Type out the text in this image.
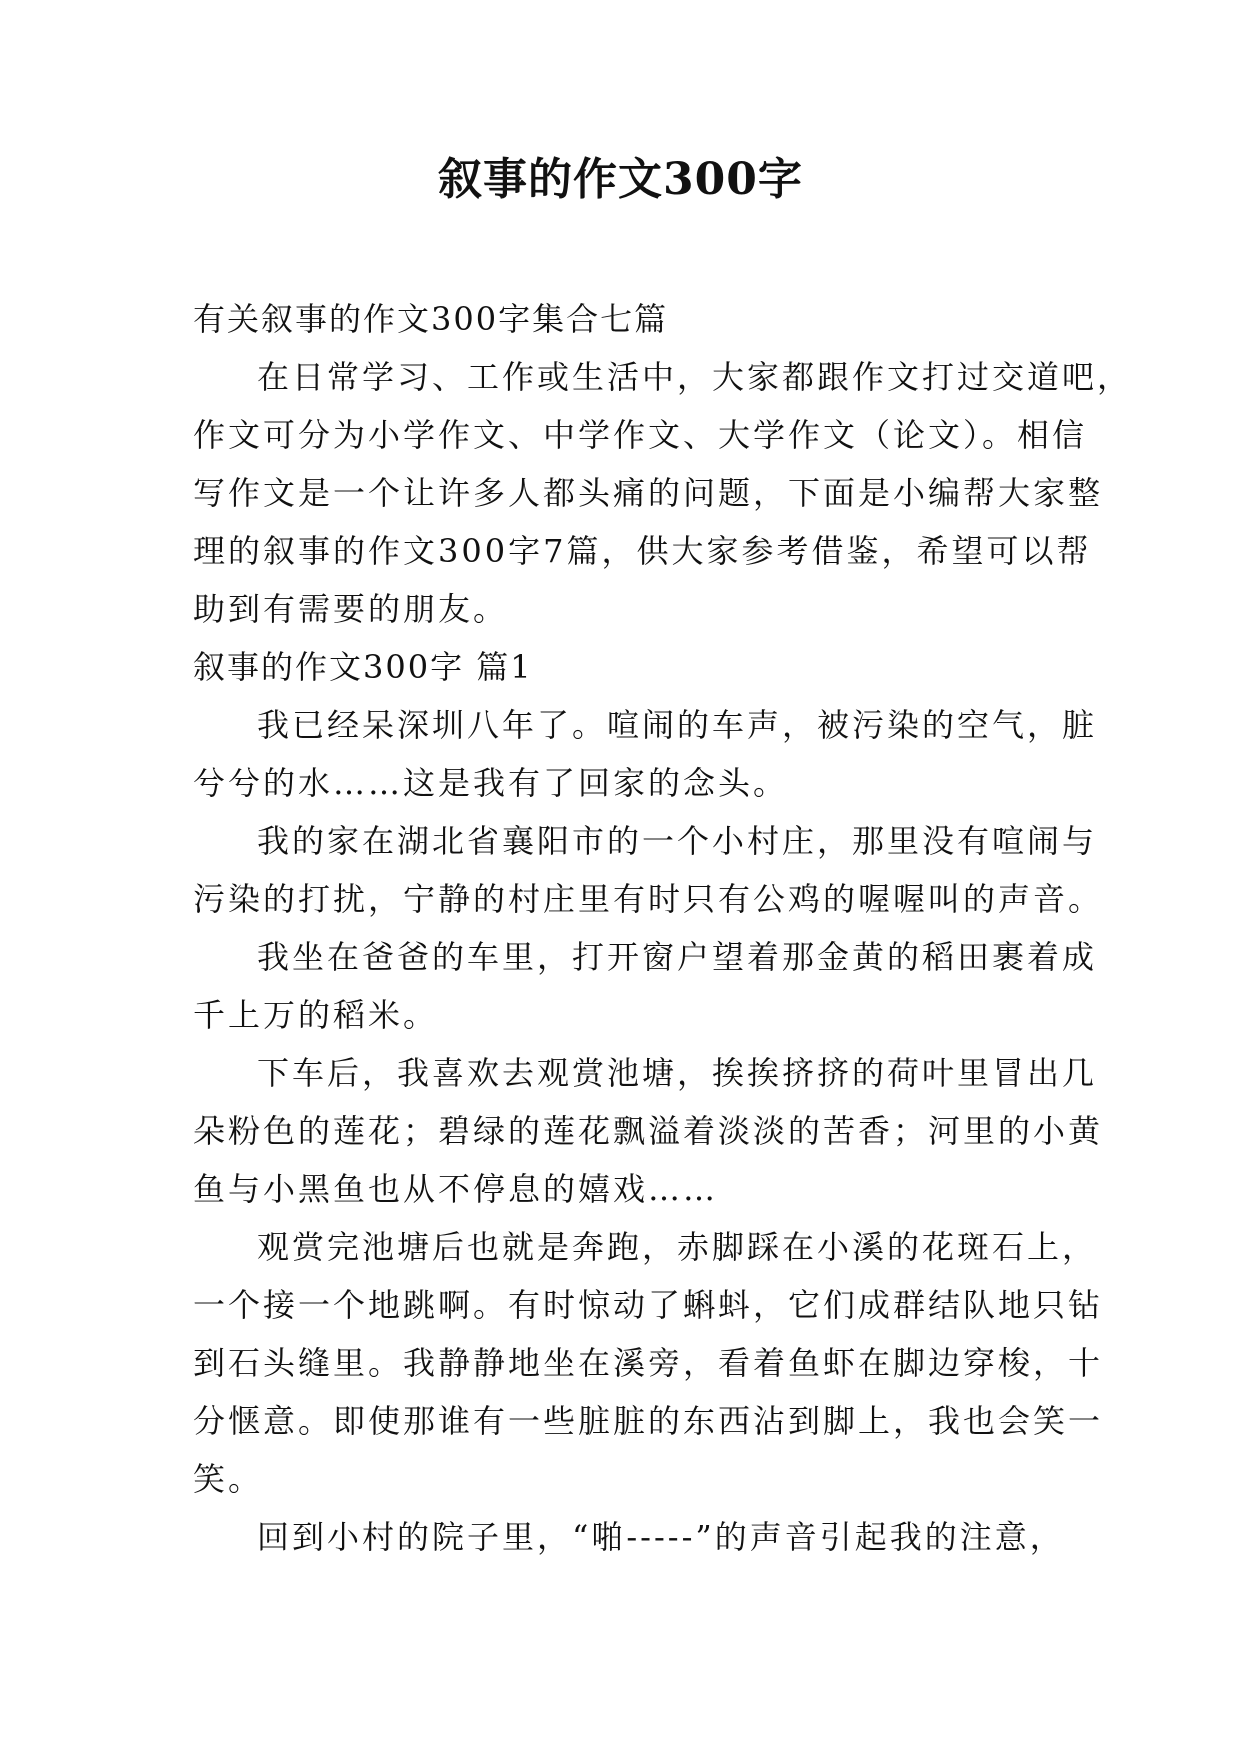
叙事的作文300字

有关叙事的作文300字集合七篇

在日常学习、工作或生活中，大家都跟作文打过交道吧，

作文可分为小学作文、中学作文、大学作文（论文）。相信

写作文是一个让许多人都头痛的问题，下面是小编帮大家整

理的叙事的作文300字7篇，供大家参考借鉴，希望可以帮

助到有需要的朋友。

叙事的作文300字 篇1

我已经呆深圳八年了。喧闹的车声，被污染的空气，脏

兮兮的水……这是我有了回家的念头。

我的家在湖北省襄阳市的一个小村庄，那里没有喧闹与

污染的打扰，宁静的村庄里有时只有公鸡的喔喔叫的声音。

我坐在爸爸的车里，打开窗户望着那金黄的稻田裹着成

千上万的稻米。

下车后，我喜欢去观赏池塘，挨挨挤挤的荷叶里冒出几

朵粉色的莲花；碧绿的莲花飘溢着淡淡的苦香；河里的小黄

鱼与小黑鱼也从不停息的嬉戏……

观赏完池塘后也就是奔跑，赤脚踩在小溪的花斑石上，

一个接一个地跳啊。有时惊动了蝌蚪，它们成群结队地只钻

到石头缝里。我静静地坐在溪旁，看着鱼虾在脚边穿梭，十

分惬意。即使那谁有一些脏脏的东西沾到脚上，我也会笑一

笑。

回到小村的院子里，“啪-----”的声音引起我的注意，
